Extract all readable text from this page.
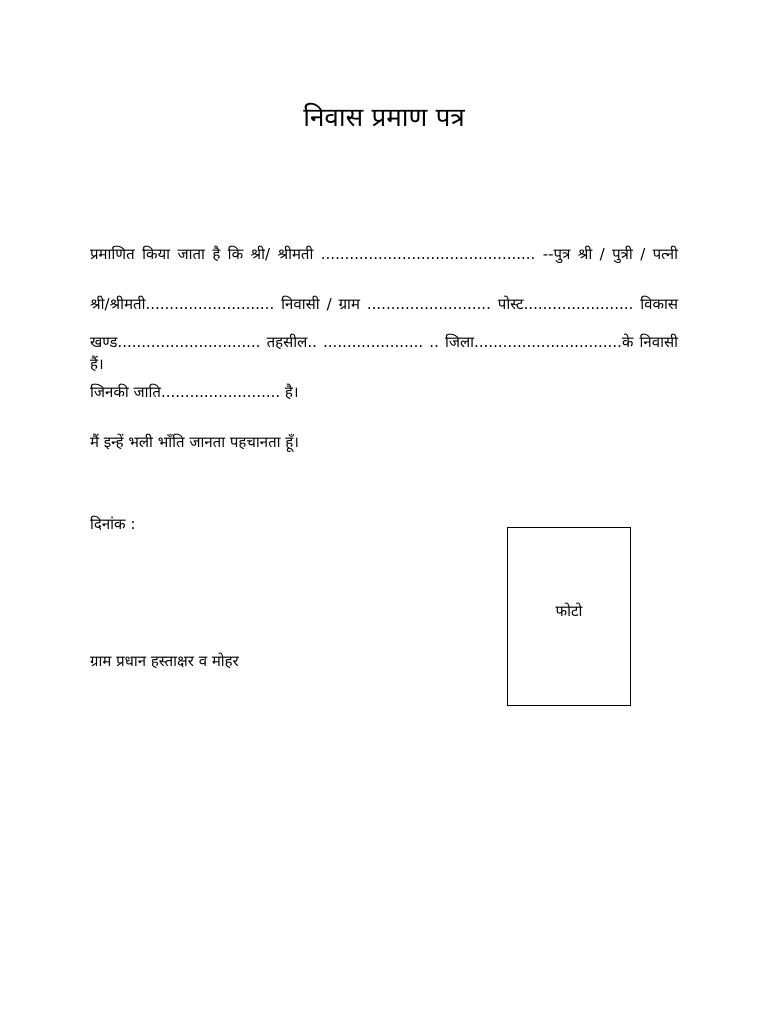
निवास प्रमाण पत्र

प्रमाणित किया जाता है कि श्री/ श्रीमती ............................................. --पुत्र श्री / पुत्री / पत्नी

श्री/श्रीमती........................... निवासी / ग्राम .......................... पोस्ट....................... विकास

खण्ड.............................. तहसील.. ..................... .. जिला...............................के निवासी हैं।

जिनकी जाति......................... है।

मैं इन्हें भली भाँति जानता पहचानता हूँ।

दिनांक :

फोटो

ग्राम प्रधान हस्ताक्षर व मोहर
